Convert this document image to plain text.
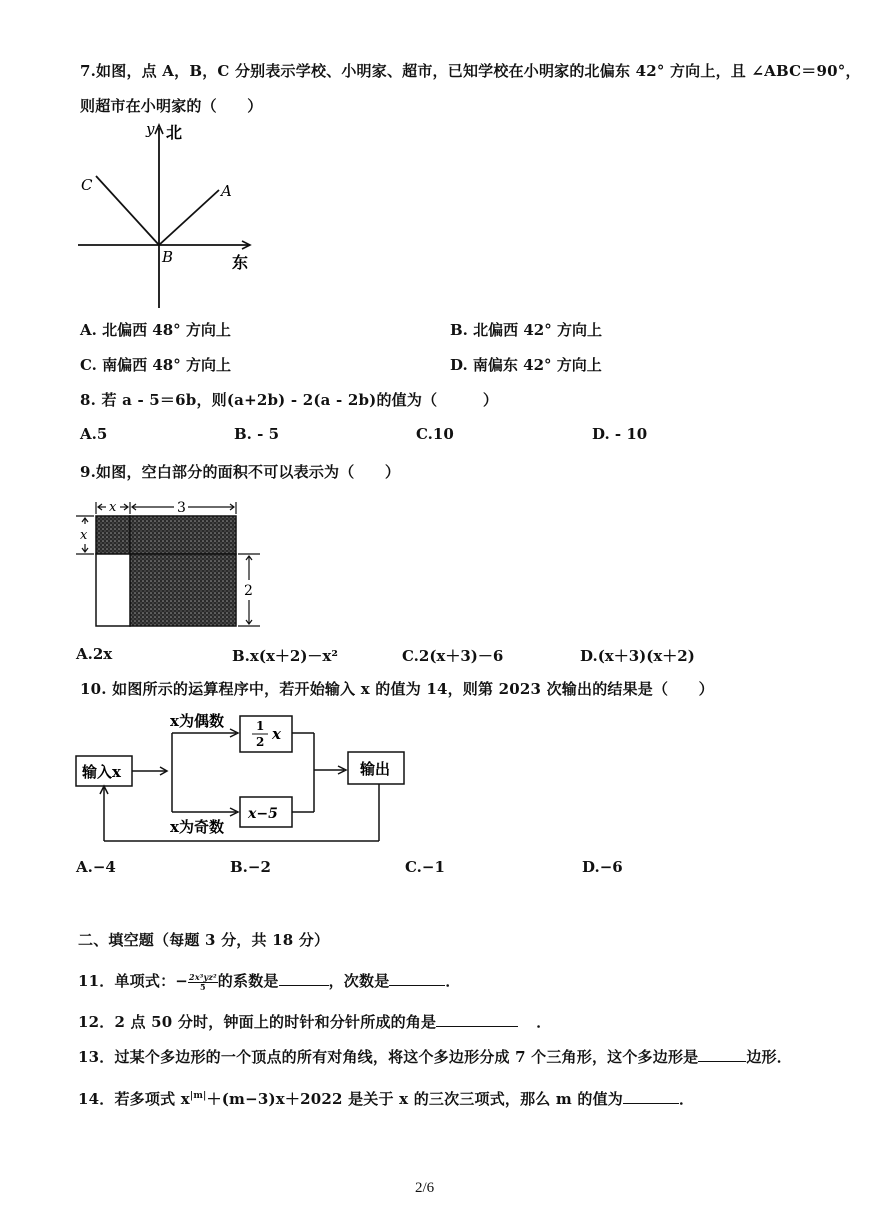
7.如图，点 A，B，C 分别表示学校、小明家、超市，已知学校在小明家的北偏东 42° 方向上，且 ∠ABC＝90°，
则超市在小明家的（　　）
y 北
东
A
B
C
A. 北偏西 48° 方向上	B. 北偏西 42° 方向上
C. 南偏西 48° 方向上	D. 南偏东 42° 方向上
8. 若 a - 5＝6b，则(a+2b) - 2(a - 2b)的值为（　　　）
A.5	B. - 5	C.10	D. - 10
9.如图，空白部分的面积不可以表示为（　　）
x	3
x
2
A.2x	B.x(x＋2)－x²	C.2(x＋3)－6	D.(x＋3)(x＋2)
10. 如图所示的运算程序中，若开始输入 x 的值为 14，则第 2023 次输出的结果是（　　）
输入x
x为偶数
x为奇数
1
2 x
x−5
输出
A.−4	B.−2	C.−1	D.−6
二、填空题（每题 3 分，共 18 分）
11．单项式：− $\frac{\text{2x³yz²}}{5}$ 的系数是	，次数是	．
12．2 点 50 分时，钟面上的时针和分针所成的角是	．
13．过某个多边形的一个顶点的所有对角线，将这个多边形分成 7 个三角形，这个多边形是	边形．
14．若多项式 $x^{|m|}+(m-3)x+2022$ 是关于 x 的三次三项式，那么 m 的值为	．
2/6
